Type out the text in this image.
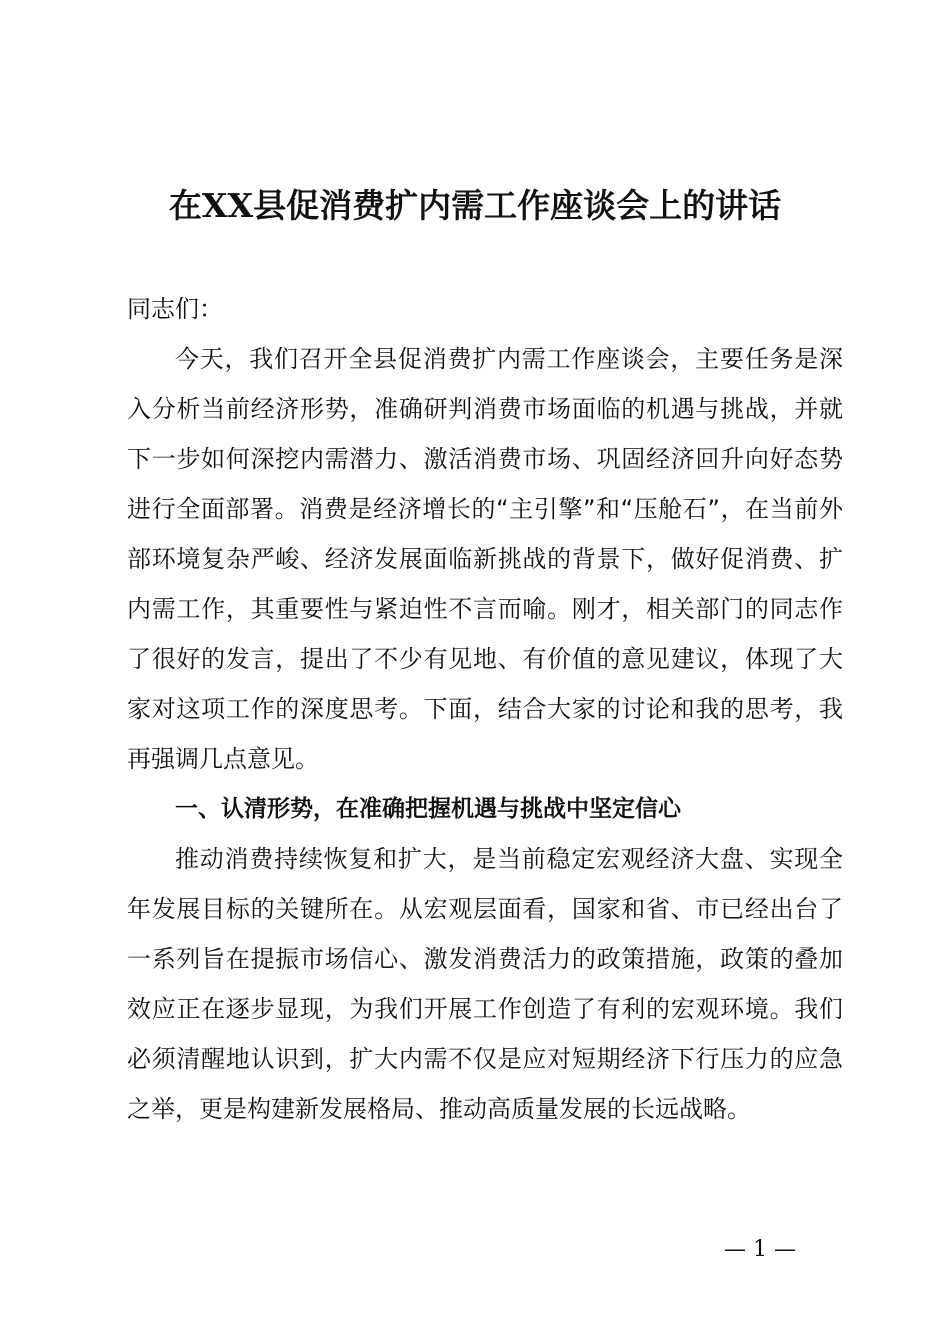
在XX县促消费扩内需工作座谈会上的讲话

同志们：

今天，我们召开全县促消费扩内需工作座谈会，主要任务是深入分析当前经济形势，准确研判消费市场面临的机遇与挑战，并就下一步如何深挖内需潜力、激活消费市场、巩固经济回升向好态势进行全面部署。消费是经济增长的“主引擎”和“压舱石”，在当前外部环境复杂严峻、经济发展面临新挑战的背景下，做好促消费、扩内需工作，其重要性与紧迫性不言而喻。刚才，相关部门的同志作了很好的发言，提出了不少有见地、有价值的意见建议，体现了大家对这项工作的深度思考。下面，结合大家的讨论和我的思考，我再强调几点意见。

一、认清形势，在准确把握机遇与挑战中坚定信心

推动消费持续恢复和扩大，是当前稳定宏观经济大盘、实现全年发展目标的关键所在。从宏观层面看，国家和省、市已经出台了一系列旨在提振市场信心、激发消费活力的政策措施，政策的叠加效应正在逐步显现，为我们开展工作创造了有利的宏观环境。我们必须清醒地认识到，扩大内需不仅是应对短期经济下行压力的应急之举，更是构建新发展格局、推动高质量发展的长远战略。

— 1 —
